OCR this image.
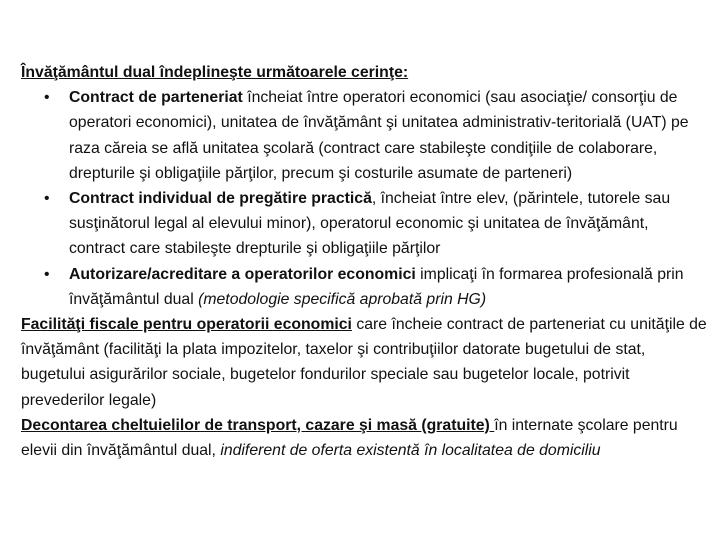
Învăţământul dual îndeplineşte următoarele cerinţe:

• Contract de parteneriat încheiat între operatori economici (sau asociaţie/ consorţiu de operatori economici), unitatea de învăţământ şi unitatea administrativ-teritorială (UAT) pe raza căreia se află unitatea şcolară (contract care stabileşte condiţiile de colaborare, drepturile şi obligaţiile părţilor, precum şi costurile asumate de parteneri)
• Contract individual de pregătire practică, încheiat între elev, (părintele, tutorele sau susţinătorul legal al elevului minor), operatorul economic şi unitatea de învăţământ, contract care stabileşte drepturile şi obligaţiile părţilor
• Autorizare/acreditare a operatorilor economici implicaţi în formarea profesională prin învăţământul dual (metodologie specifică aprobată prin HG)

Facilităţi fiscale pentru operatorii economici care încheie contract de parteneriat cu unităţile de învăţământ (facilităţi la plata impozitelor, taxelor şi contribuţiilor datorate bugetului de stat, bugetului asigurărilor sociale, bugetelor fondurilor speciale sau bugetelor locale, potrivit prevederilor legale)

Decontarea cheltuielilor de transport, cazare şi masă (gratuite) în internate şcolare pentru elevii din învăţământul dual, indiferent de oferta existentă în localitatea de domiciliu
